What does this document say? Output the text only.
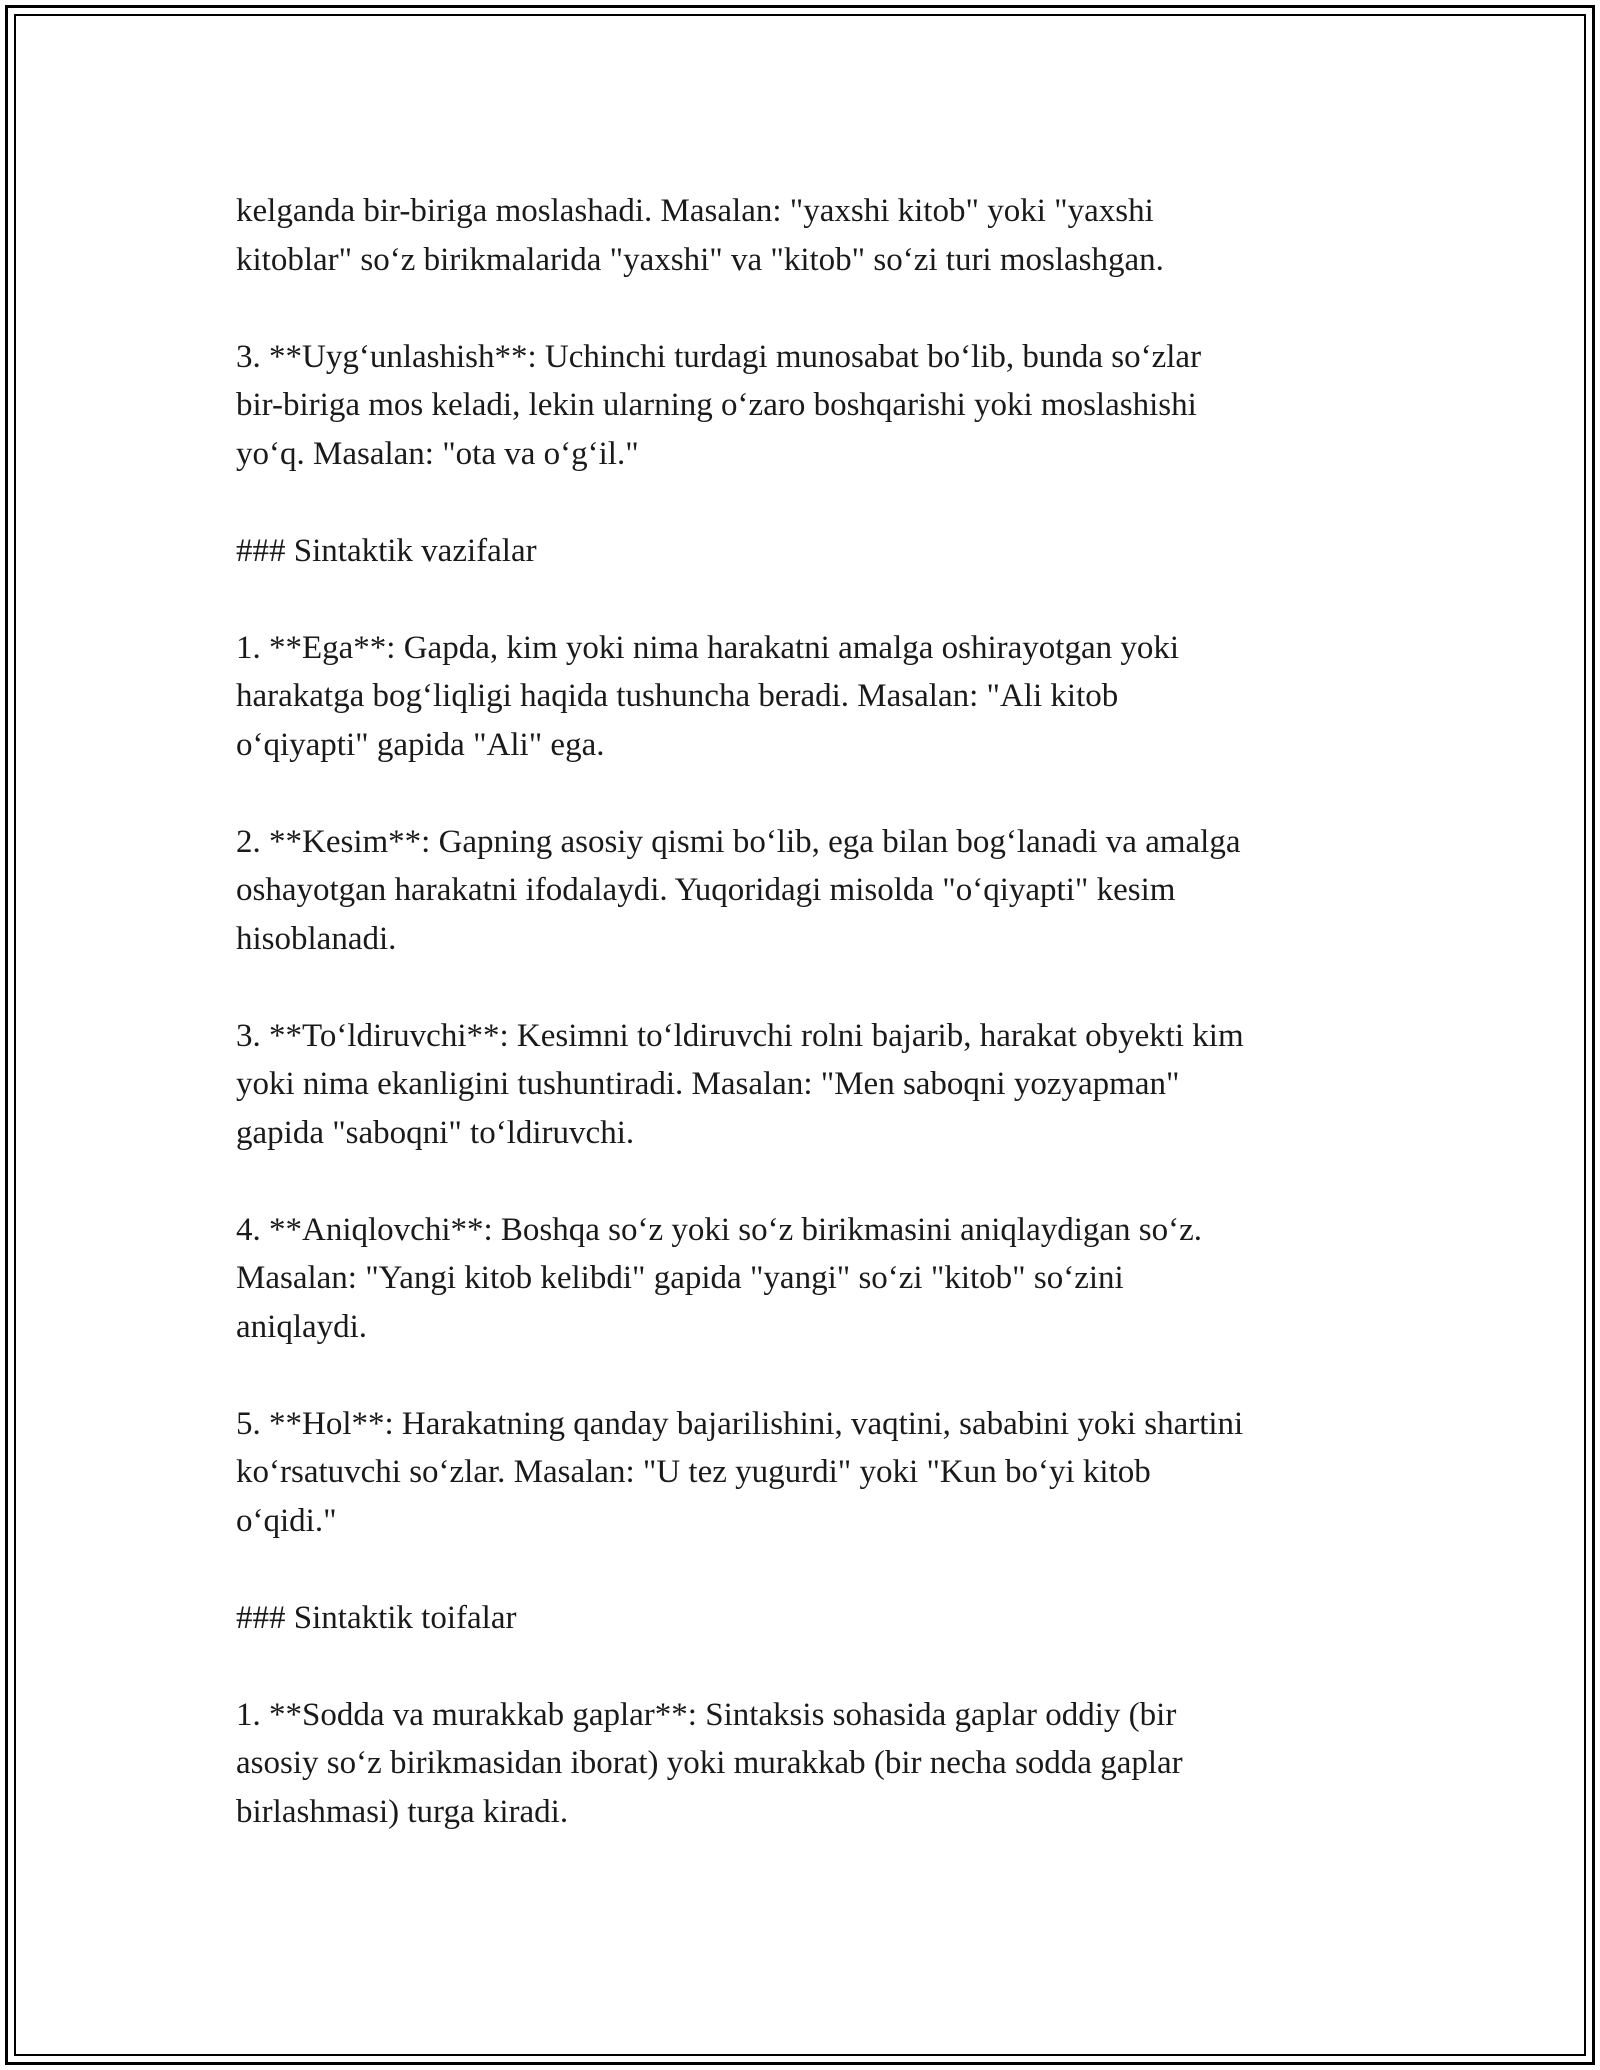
kelganda bir-biriga moslashadi. Masalan: "yaxshi kitob" yoki "yaxshi
kitoblar" so‘z birikmalarida "yaxshi" va "kitob" so‘zi turi moslashgan.

3. **Uyg‘unlashish**: Uchinchi turdagi munosabat bo‘lib, bunda so‘zlar
bir-biriga mos keladi, lekin ularning o‘zaro boshqarishi yoki moslashishi
yo‘q. Masalan: "ota va o‘g‘il."

### Sintaktik vazifalar

1. **Ega**: Gapda, kim yoki nima harakatni amalga oshirayotgan yoki
harakatga bog‘liqligi haqida tushuncha beradi. Masalan: "Ali kitob
o‘qiyapti" gapida "Ali" ega.

2. **Kesim**: Gapning asosiy qismi bo‘lib, ega bilan bog‘lanadi va amalga
oshayotgan harakatni ifodalaydi. Yuqoridagi misolda "o‘qiyapti" kesim
hisoblanadi.

3. **To‘ldiruvchi**: Kesimni to‘ldiruvchi rolni bajarib, harakat obyekti kim
yoki nima ekanligini tushuntiradi. Masalan: "Men saboqni yozyapman"
gapida "saboqni" to‘ldiruvchi.

4. **Aniqlovchi**: Boshqa so‘z yoki so‘z birikmasini aniqlaydigan so‘z.
Masalan: "Yangi kitob kelibdi" gapida "yangi" so‘zi "kitob" so‘zini
aniqlaydi.

5. **Hol**: Harakatning qanday bajarilishini, vaqtini, sababini yoki shartini
ko‘rsatuvchi so‘zlar. Masalan: "U tez yugurdi" yoki "Kun bo‘yi kitob
o‘qidi."

### Sintaktik toifalar

1. **Sodda va murakkab gaplar**: Sintaksis sohasida gaplar oddiy (bir
asosiy so‘z birikmasidan iborat) yoki murakkab (bir necha sodda gaplar
birlashmasi) turga kiradi.
